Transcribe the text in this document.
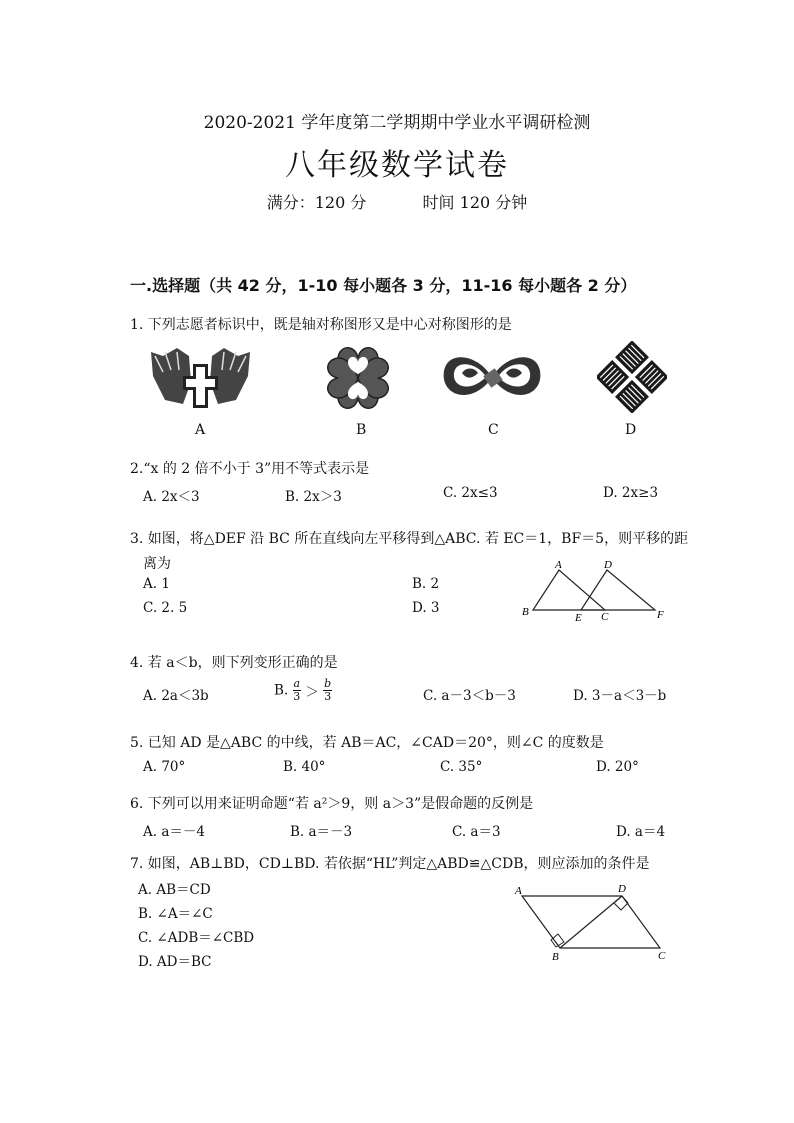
2020-2021 学年度第二学期期中学业水平调研检测
八年级数学试卷
满分：120 分	时间 120 分钟
一.选择题（共 42 分，1-10 每小题各 3 分，11-16 每小题各 2 分）
1. 下列志愿者标识中，既是轴对称图形又是中心对称图形的是
A	B	C	D
2.“x 的 2 倍不小于 3”用不等式表示是
A. 2x＜3	B. 2x＞3	C. 2x≤3	D. 2x≥3
3. 如图，将△DEF 沿 BC 所在直线向左平移得到△ABC. 若 EC＝1，BF＝5，则平移的距
离为
A. 1	B. 2
C. 2. 5	D. 3
A	D
B	E C	F
4. 若 a＜b，则下列变形正确的是
A. 2a＜3b	B. $\frac{a}{3} > \frac{b}{3}$	C. a－3＜b－3	D. 3－a＜3－b
5. 已知 AD 是△ABC 的中线，若 AB＝AC，∠CAD＝20°，则∠C 的度数是
A. 70°	B. 40°	C. 35°	D. 20°
6. 下列可以用来证明命题“若 a²＞9，则 a＞3”是假命题的反例是
A. a＝－4	B. a＝－3	C. a＝3	D. a＝4
7. 如图，AB⊥BD，CD⊥BD. 若依据“HL”判定△ABD≌△CDB，则应添加的条件是
A. AB＝CD
B. ∠A＝∠C
C. ∠ADB＝∠CBD
D. AD＝BC
A	D
B	C
